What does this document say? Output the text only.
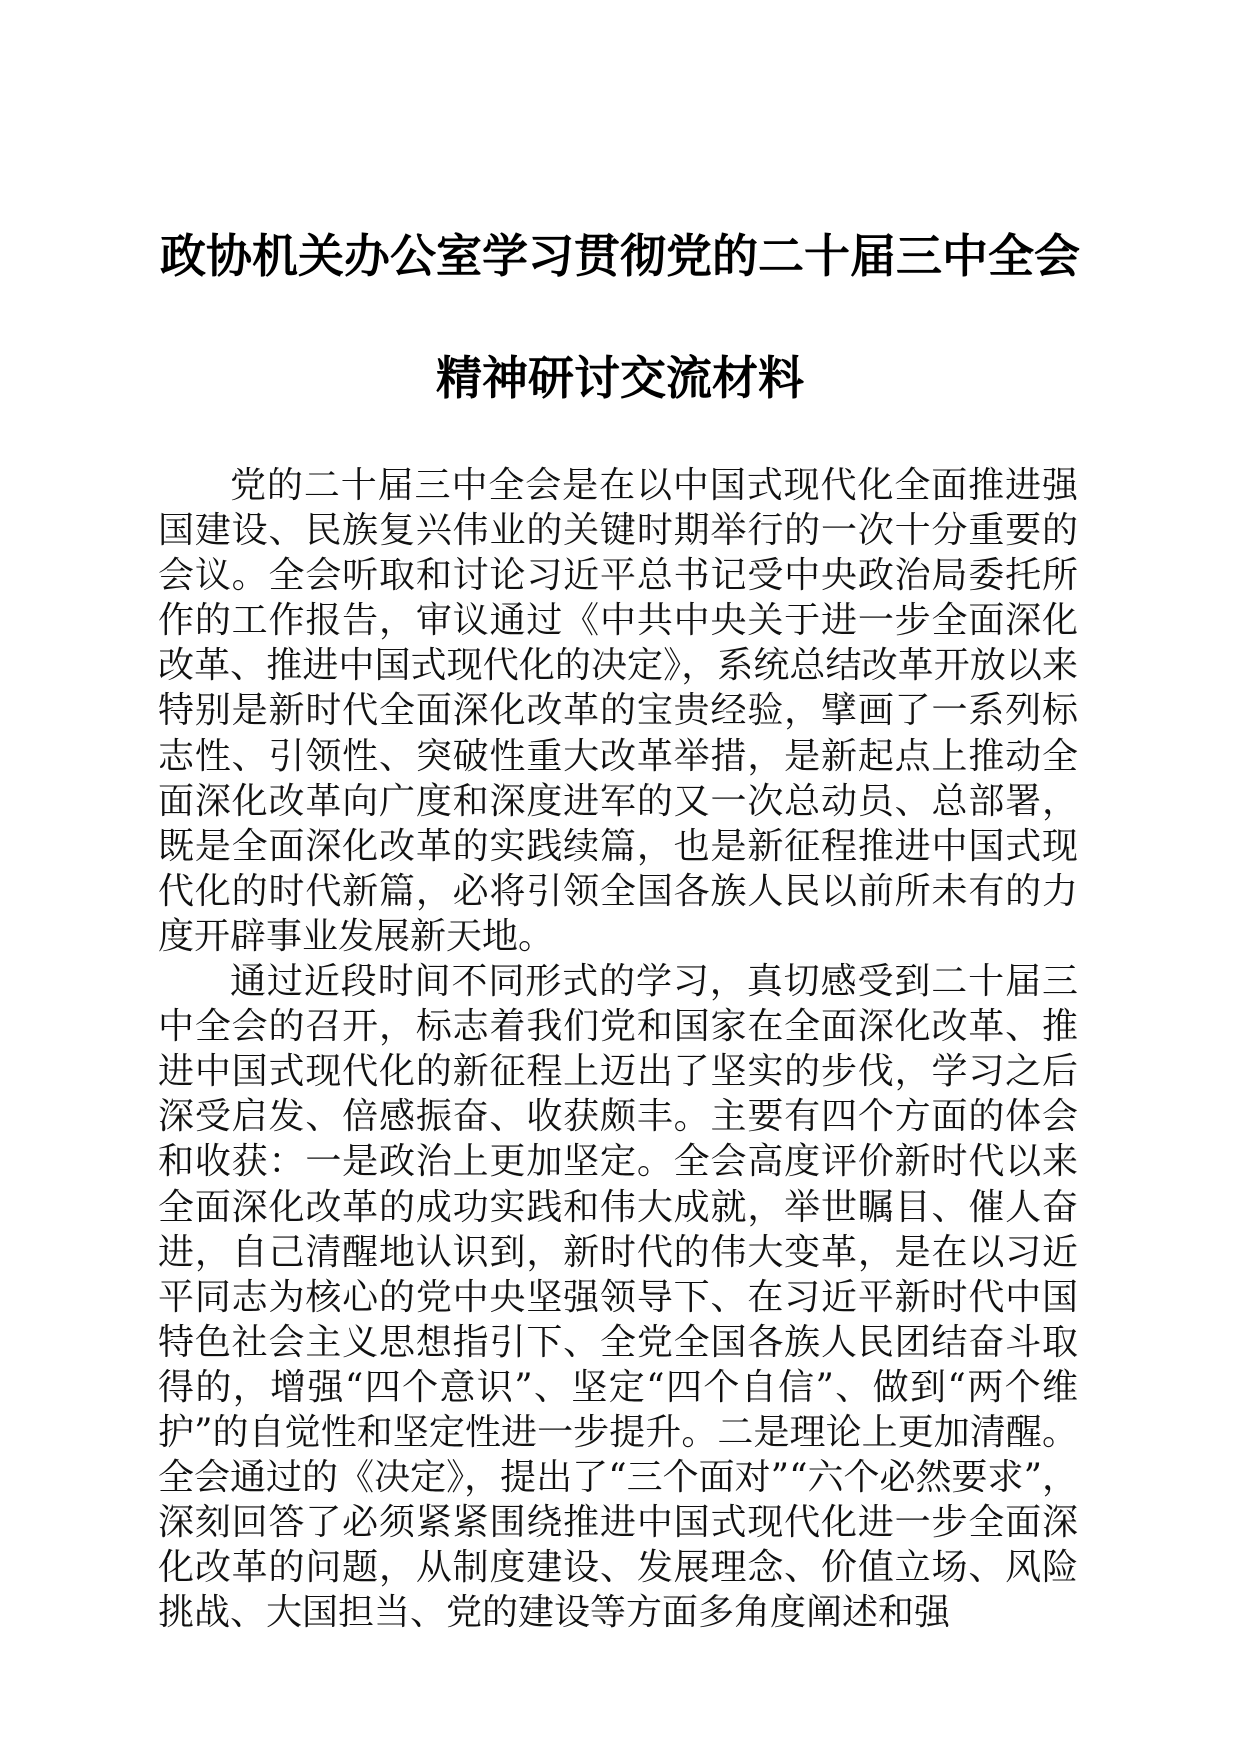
政协机关办公室学习贯彻党的二十届三中全会
精神研讨交流材料

党的二十届三中全会是在以中国式现代化全面推进强国建设、民族复兴伟业的关键时期举行的一次十分重要的会议。全会听取和讨论习近平总书记受中央政治局委托所作的工作报告，审议通过《中共中央关于进一步全面深化改革、推进中国式现代化的决定》，系统总结改革开放以来特别是新时代全面深化改革的宝贵经验，擘画了一系列标志性、引领性、突破性重大改革举措，是新起点上推动全面深化改革向广度和深度进军的又一次总动员、总部署，既是全面深化改革的实践续篇，也是新征程推进中国式现代化的时代新篇，必将引领全国各族人民以前所未有的力度开辟事业发展新天地。

通过近段时间不同形式的学习，真切感受到二十届三中全会的召开，标志着我们党和国家在全面深化改革、推进中国式现代化的新征程上迈出了坚实的步伐，学习之后深受启发、倍感振奋、收获颇丰。主要有四个方面的体会和收获：一是政治上更加坚定。全会高度评价新时代以来全面深化改革的成功实践和伟大成就，举世瞩目、催人奋进，自己清醒地认识到，新时代的伟大变革，是在以习近平同志为核心的党中央坚强领导下、在习近平新时代中国特色社会主义思想指引下、全党全国各族人民团结奋斗取得的，增强“四个意识”、坚定“四个自信”、做到“两个维护”的自觉性和坚定性进一步提升。二是理论上更加清醒。全会通过的《决定》，提出了“三个面对”“六个必然要求”，深刻回答了必须紧紧围绕推进中国式现代化进一步全面深化改革的问题，从制度建设、发展理念、价值立场、风险挑战、大国担当、党的建设等方面多角度阐述和强
